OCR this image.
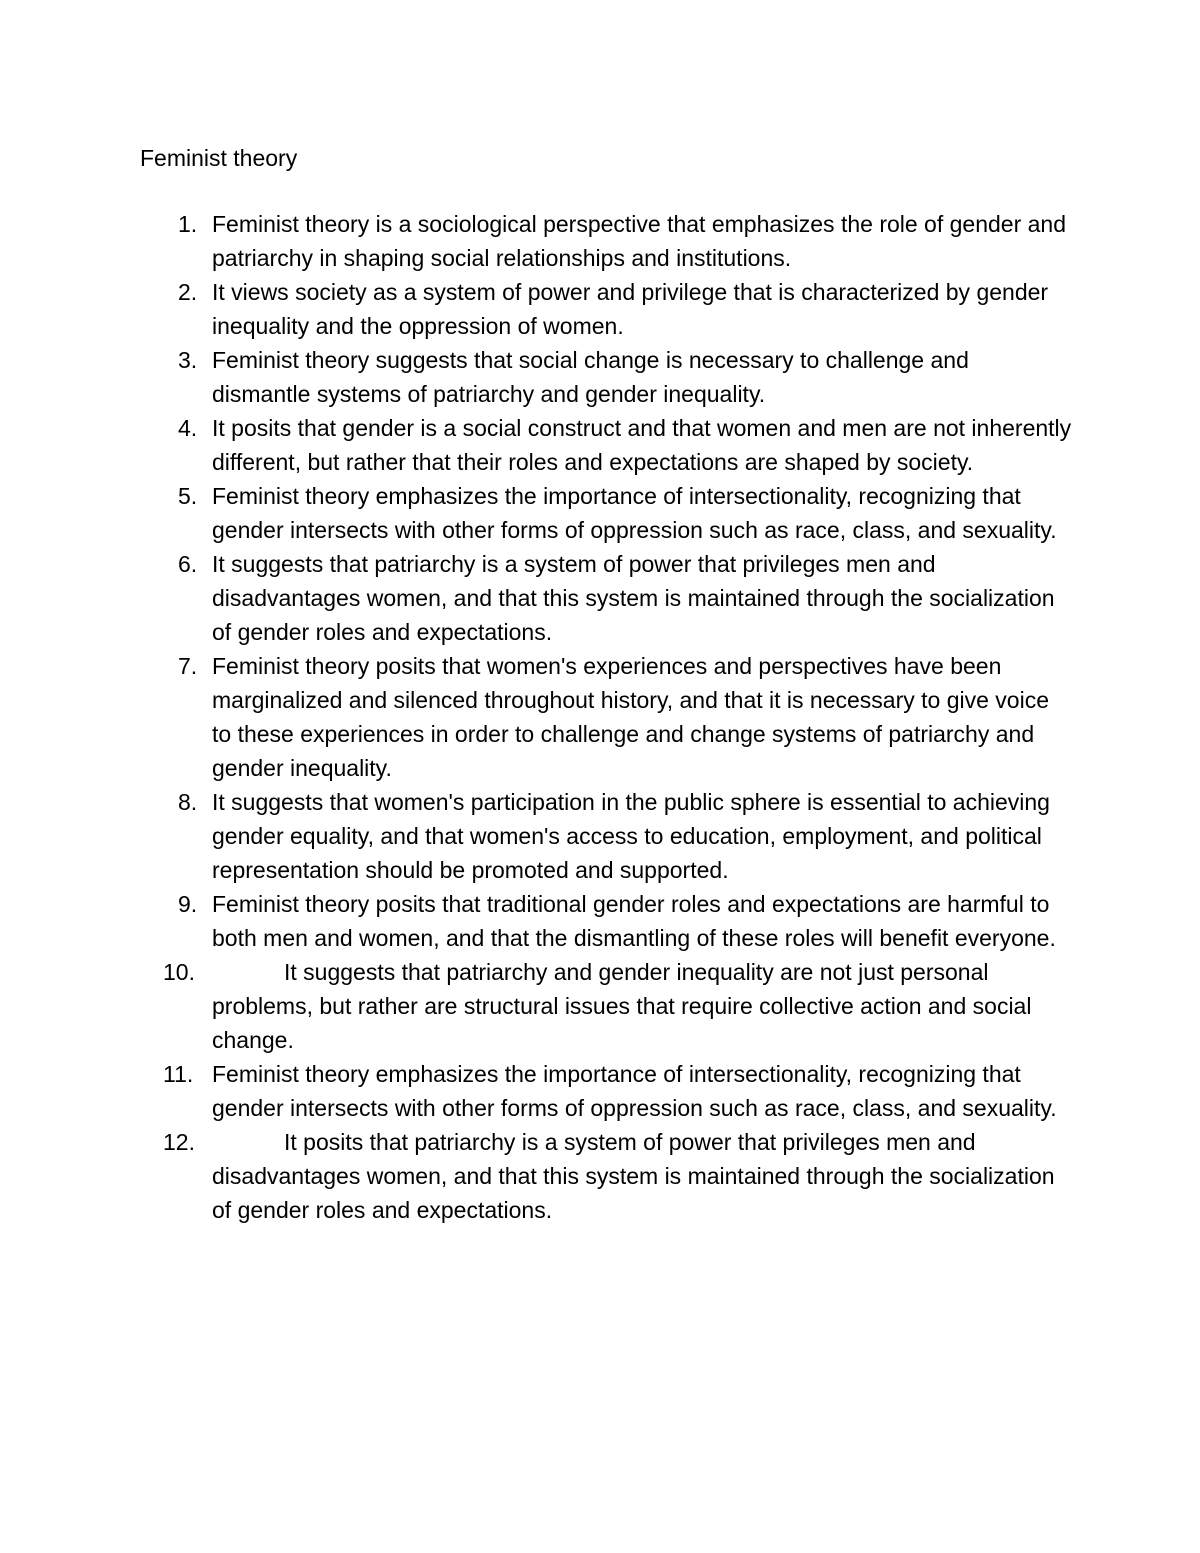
Feminist theory
1. Feminist theory is a sociological perspective that emphasizes the role of gender and patriarchy in shaping social relationships and institutions.
2. It views society as a system of power and privilege that is characterized by gender inequality and the oppression of women.
3. Feminist theory suggests that social change is necessary to challenge and dismantle systems of patriarchy and gender inequality.
4. It posits that gender is a social construct and that women and men are not inherently different, but rather that their roles and expectations are shaped by society.
5. Feminist theory emphasizes the importance of intersectionality, recognizing that gender intersects with other forms of oppression such as race, class, and sexuality.
6. It suggests that patriarchy is a system of power that privileges men and disadvantages women, and that this system is maintained through the socialization of gender roles and expectations.
7. Feminist theory posits that women's experiences and perspectives have been marginalized and silenced throughout history, and that it is necessary to give voice to these experiences in order to challenge and change systems of patriarchy and gender inequality.
8. It suggests that women's participation in the public sphere is essential to achieving gender equality, and that women's access to education, employment, and political representation should be promoted and supported.
9. Feminist theory posits that traditional gender roles and expectations are harmful to both men and women, and that the dismantling of these roles will benefit everyone.
10.	It suggests that patriarchy and gender inequality are not just personal problems, but rather are structural issues that require collective action and social change.
11. Feminist theory emphasizes the importance of intersectionality, recognizing that gender intersects with other forms of oppression such as race, class, and sexuality.
12.	It posits that patriarchy is a system of power that privileges men and disadvantages women, and that this system is maintained through the socialization of gender roles and expectations.
